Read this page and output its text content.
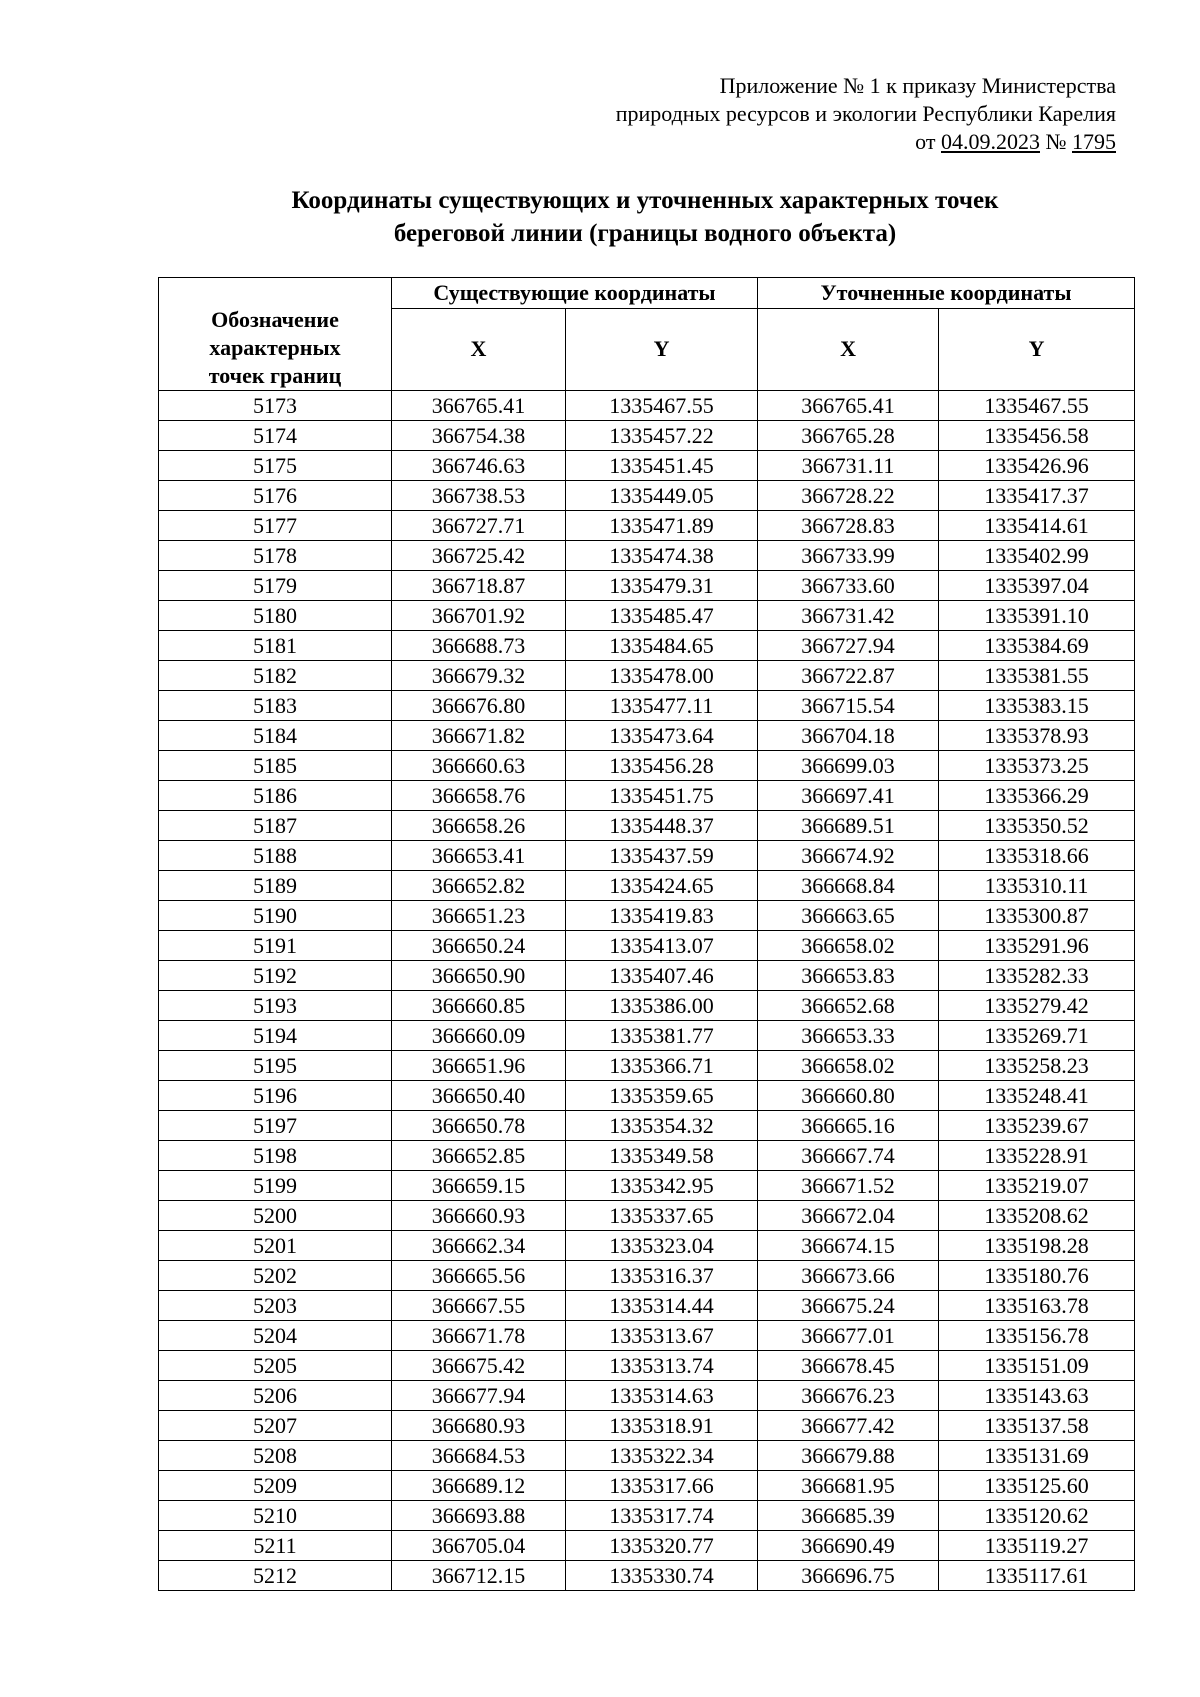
Приложение № 1 к приказу Министерства
природных ресурсов и экологии Республики Карелия
от 04.09.2023 № 1795
Координаты существующих и уточненных характерных точек
береговой линии (границы водного объекта)
Обозначение
характерных
точек границ	Существующие координаты		Уточненные координаты	
	X	Y	X	Y
5173	366765.41	1335467.55	366765.41	1335467.55
5174	366754.38	1335457.22	366765.28	1335456.58
5175	366746.63	1335451.45	366731.11	1335426.96
5176	366738.53	1335449.05	366728.22	1335417.37
5177	366727.71	1335471.89	366728.83	1335414.61
5178	366725.42	1335474.38	366733.99	1335402.99
5179	366718.87	1335479.31	366733.60	1335397.04
5180	366701.92	1335485.47	366731.42	1335391.10
5181	366688.73	1335484.65	366727.94	1335384.69
5182	366679.32	1335478.00	366722.87	1335381.55
5183	366676.80	1335477.11	366715.54	1335383.15
5184	366671.82	1335473.64	366704.18	1335378.93
5185	366660.63	1335456.28	366699.03	1335373.25
5186	366658.76	1335451.75	366697.41	1335366.29
5187	366658.26	1335448.37	366689.51	1335350.52
5188	366653.41	1335437.59	366674.92	1335318.66
5189	366652.82	1335424.65	366668.84	1335310.11
5190	366651.23	1335419.83	366663.65	1335300.87
5191	366650.24	1335413.07	366658.02	1335291.96
5192	366650.90	1335407.46	366653.83	1335282.33
5193	366660.85	1335386.00	366652.68	1335279.42
5194	366660.09	1335381.77	366653.33	1335269.71
5195	366651.96	1335366.71	366658.02	1335258.23
5196	366650.40	1335359.65	366660.80	1335248.41
5197	366650.78	1335354.32	366665.16	1335239.67
5198	366652.85	1335349.58	366667.74	1335228.91
5199	366659.15	1335342.95	366671.52	1335219.07
5200	366660.93	1335337.65	366672.04	1335208.62
5201	366662.34	1335323.04	366674.15	1335198.28
5202	366665.56	1335316.37	366673.66	1335180.76
5203	366667.55	1335314.44	366675.24	1335163.78
5204	366671.78	1335313.67	366677.01	1335156.78
5205	366675.42	1335313.74	366678.45	1335151.09
5206	366677.94	1335314.63	366676.23	1335143.63
5207	366680.93	1335318.91	366677.42	1335137.58
5208	366684.53	1335322.34	366679.88	1335131.69
5209	366689.12	1335317.66	366681.95	1335125.60
5210	366693.88	1335317.74	366685.39	1335120.62
5211	366705.04	1335320.77	366690.49	1335119.27
5212	366712.15	1335330.74	366696.75	1335117.61
